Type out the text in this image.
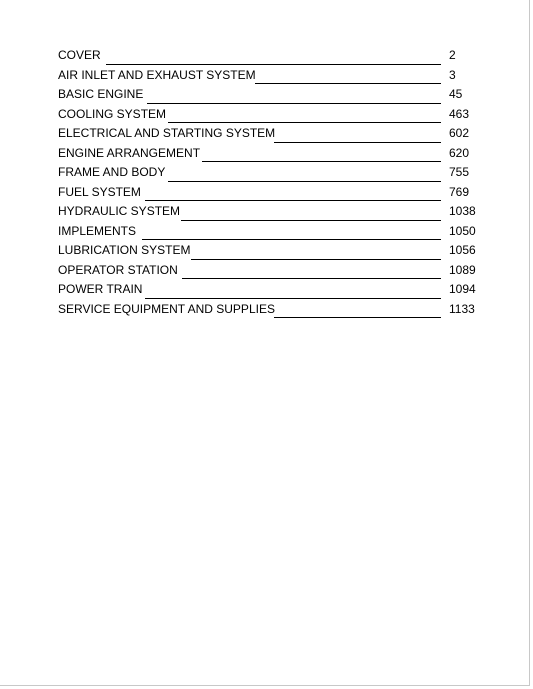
COVER	2
AIR INLET AND EXHAUST SYSTEM	3
BASIC ENGINE	45
COOLING SYSTEM	463
ELECTRICAL AND STARTING SYSTEM	602
ENGINE ARRANGEMENT	620
FRAME AND BODY	755
FUEL SYSTEM	769
HYDRAULIC SYSTEM	1038
IMPLEMENTS	1050
LUBRICATION SYSTEM	1056
OPERATOR STATION	1089
POWER TRAIN	1094
SERVICE EQUIPMENT AND SUPPLIES	1133
